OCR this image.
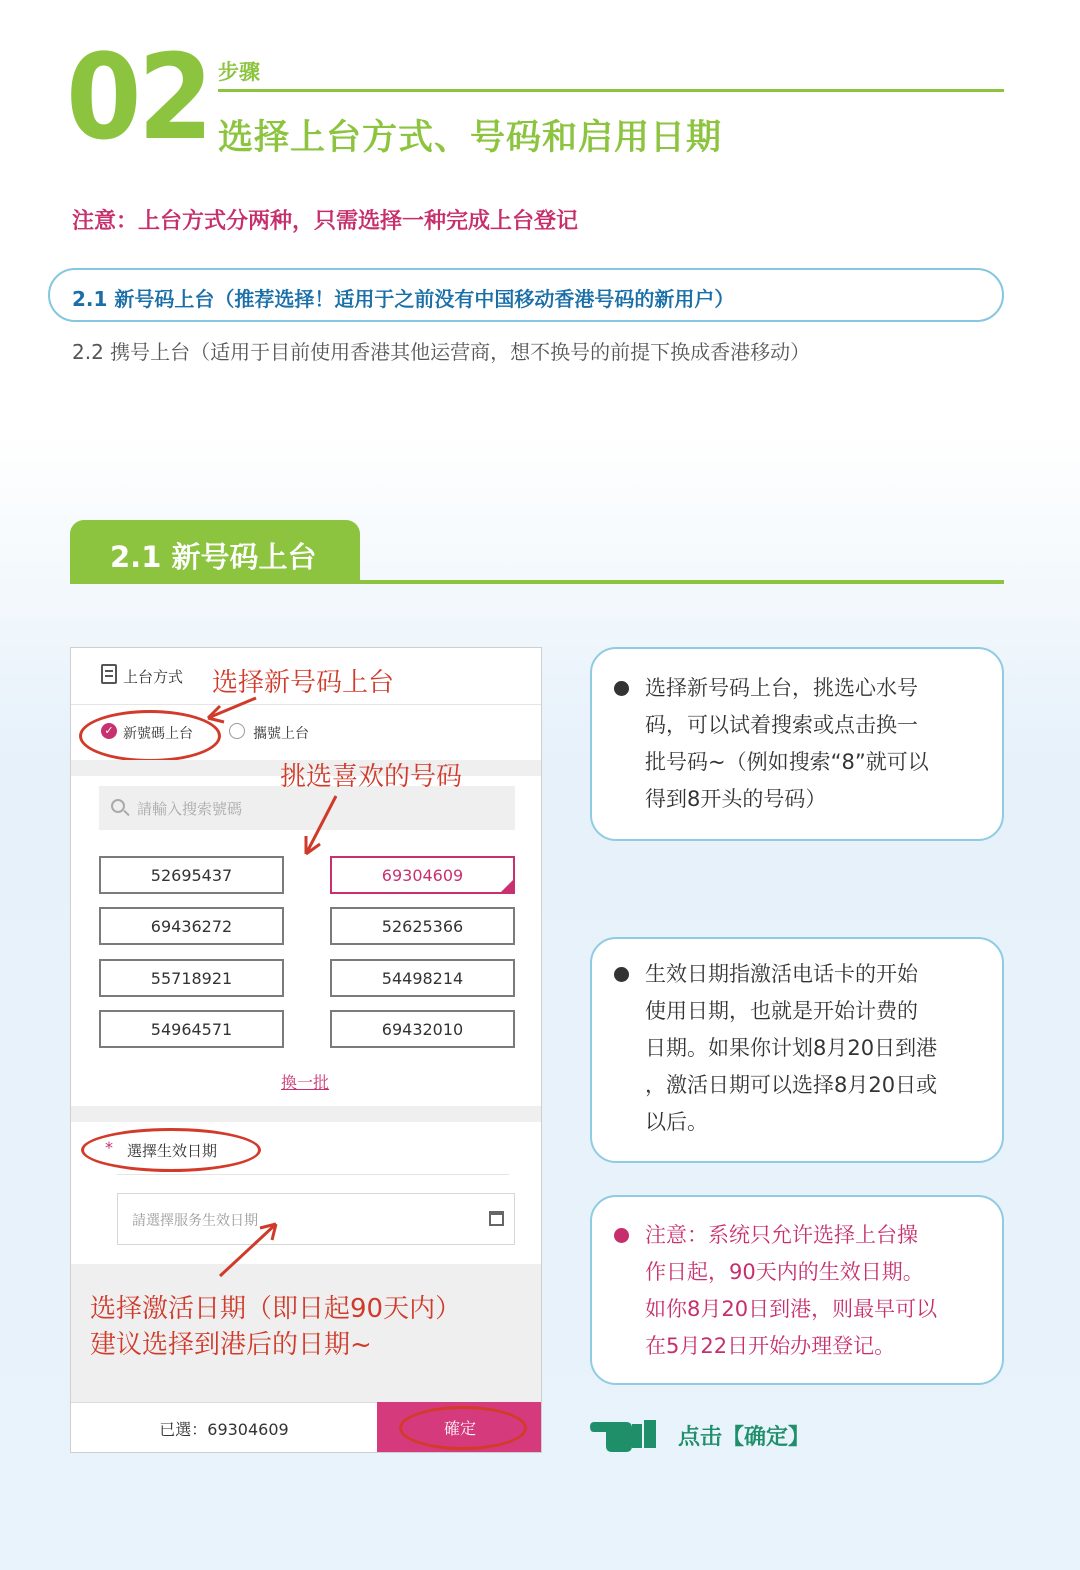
02 步骤
选择上台方式、号码和启用日期
注意：上台方式分两种，只需选择一种完成上台登记
2.1 新号码上台（推荐选择！适用于之前没有中国移动香港号码的新用户）
2.2 携号上台（适用于目前使用香港其他运营商，想不换号的前提下换成香港移动）
2.1 新号码上台
上台方式
✓ 新號碼上台	攜號上台
請輸入搜索號碼
52695437	69304609
69436272	52625366
55718921	54498214
54964571	69432010
換一批
* 選擇生效日期
請選擇服务生效日期
已選：69304609	確定
选择新号码上台
挑选喜欢的号码
选择激活日期（即日起90天内）
建议选择到港后的日期~
选择新号码上台，挑选心水号
码，可以试着搜索或点击换一
批号码~（例如搜索“8”就可以
得到8开头的号码）
生效日期指激活电话卡的开始
使用日期，也就是开始计费的
日期。如果你计划8月20日到港
，激活日期可以选择8月20日或
以后。
注意：系统只允许选择上台操
作日起，90天内的生效日期。
如你8月20日到港，则最早可以
在5月22日开始办理登记。
点击【确定】
